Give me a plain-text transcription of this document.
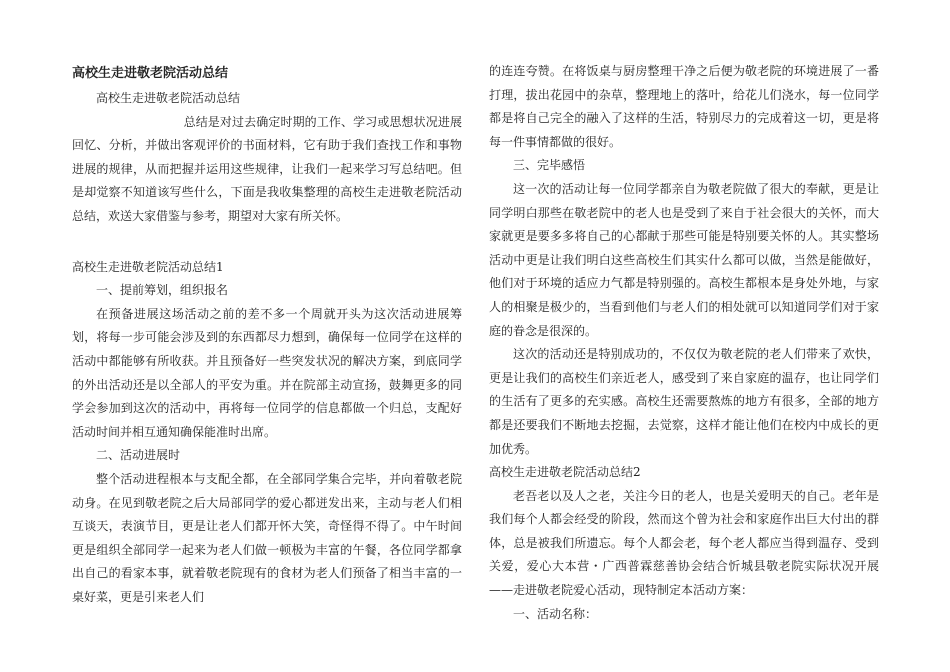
高校生走进敬老院活动总结

高校生走进敬老院活动总结

总结是对过去确定时期的工作、学习或思想状况进展回忆、分析，并做出客观评价的书面材料，它有助于我们查找工作和事物进展的规律，从而把握并运用这些规律，让我们一起来学习写总结吧。但是却觉察不知道该写些什么，下面是我收集整理的高校生走进敬老院活动总结，欢送大家借鉴与参考，期望对大家有所关怀。

高校生走进敬老院活动总结1

一、提前筹划，组织报名

在预备进展这场活动之前的差不多一个周就开头为这次活动进展筹划，将每一步可能会涉及到的东西都尽力想到，确保每一位同学在这样的活动中都能够有所收获。并且预备好一些突发状况的解决方案，到底同学的外出活动还是以全部人的平安为重。并在院部主动宣扬，鼓舞更多的同学会参加到这次的活动中，再将每一位同学的信息都做一个归总，支配好活动时间并相互通知确保能准时出席。

二、活动进展时

整个活动进程根本与支配全都，在全部同学集合完毕，并向着敬老院动身。在见到敬老院之后大局部同学的爱心都迸发出来，主动与老人们相互谈天，表演节目，更是让老人们都开怀大笑，奇怪得不得了。中午时间更是组织全部同学一起来为老人们做一顿极为丰富的午餐，各位同学都拿出自己的看家本事，就着敬老院现有的食材为老人们预备了相当丰富的一桌好菜，更是引来老人们

的连连夸赞。在将饭桌与厨房整理干净之后便为敬老院的环境进展了一番打理，拔出花园中的杂草，整理地上的落叶，给花儿们浇水，每一位同学都是将自己完全的融入了这样的生活，特别尽力的完成着这一切，更是将每一件事情都做的很好。

三、完毕感悟

这一次的活动让每一位同学都亲自为敬老院做了很大的奉献，更是让同学明白那些在敬老院中的老人也是受到了来自于社会很大的关怀，而大家就更是要多多将自己的心都献于那些可能是特别要关怀的人。其实整场活动中更是让我们明白这些高校生们其实什么都可以做，当然是能做好，他们对于环境的适应力气都是特别强的。高校生都根本是身处外地，与家人的相聚是极少的，当看到他们与老人们的相处就可以知道同学们对于家庭的眷念是很深的。

这次的活动还是特别成功的，不仅仅为敬老院的老人们带来了欢快，更是让我们的高校生们亲近老人，感受到了来自家庭的温存，也让同学们的生活有了更多的充实感。高校生还需要熬炼的地方有很多，全部的地方都是还要我们不断地去挖掘，去觉察，这样才能让他们在校内中成长的更加优秀。

高校生走进敬老院活动总结2

老吾老以及人之老，关注今日的老人，也是关爱明天的自己。老年是我们每个人都会经受的阶段，然而这个曾为社会和家庭作出巨大付出的群体，总是被我们所遗忘。每个人都会老，每个老人都应当得到温存、受到关爱，爱心大本营・广西普霖慈善协会结合忻城县敬老院实际状况开展——走进敬老院爱心活动，现特制定本活动方案：

一、活动名称：
